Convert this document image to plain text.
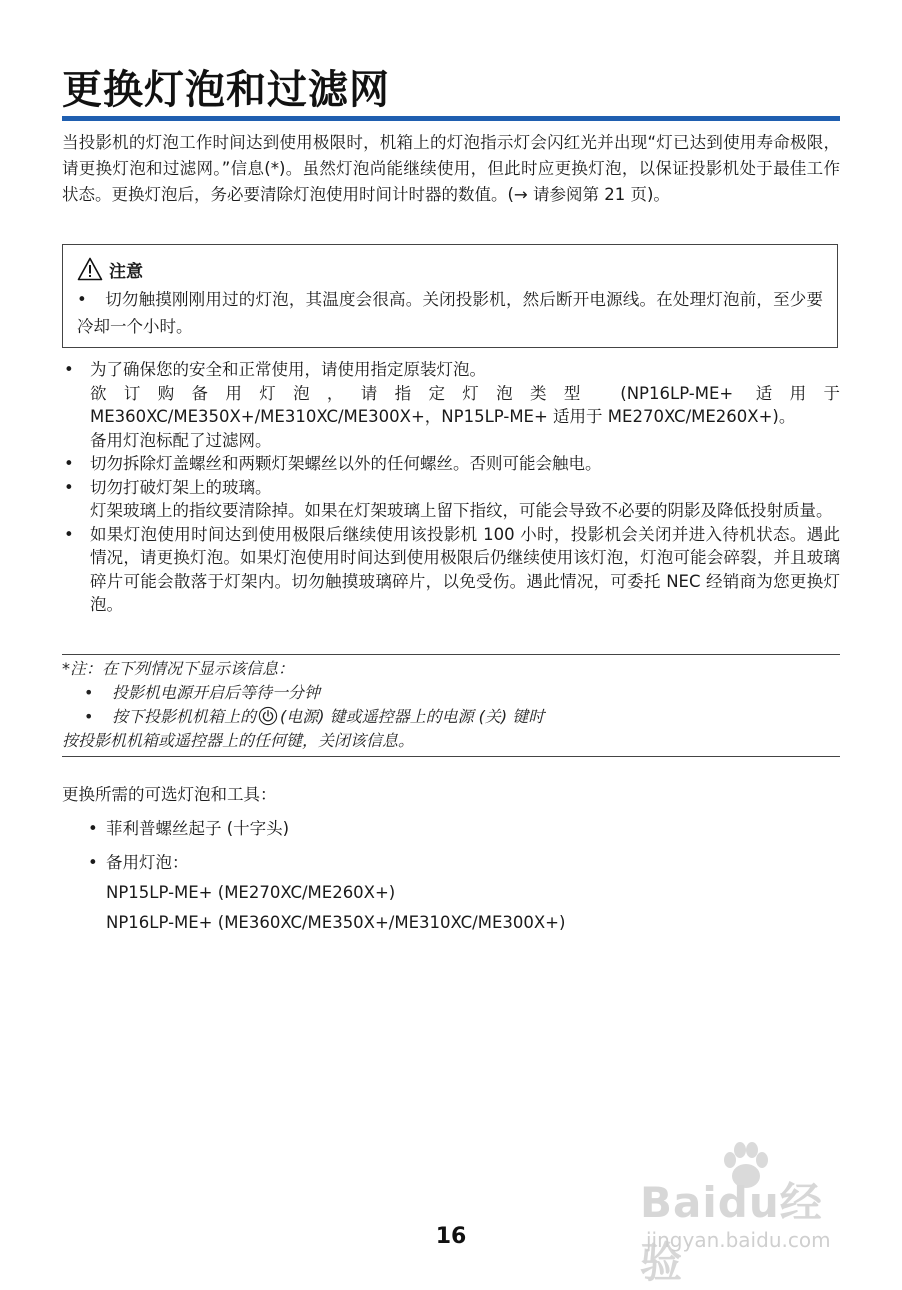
更换灯泡和过滤网

当投影机的灯泡工作时间达到使用极限时，机箱上的灯泡指示灯会闪红光并出现“灯已达到使用寿命极限，请更换灯泡和过滤网。”信息(*)。虽然灯泡尚能继续使用，但此时应更换灯泡，以保证投影机处于最佳工作状态。更换灯泡后，务必要清除灯泡使用时间计时器的数值。(→ 请参阅第 21 页)。

注意
• 切勿触摸刚刚用过的灯泡，其温度会很高。关闭投影机，然后断开电源线。在处理灯泡前，至少要冷却一个小时。
• 为了确保您的安全和正常使用，请使用指定原装灯泡。
欲订购备用灯泡，请指定灯泡类型 (NP16LP-ME+ 适用于 ME360XC/ME350X+/ME310XC/ME300X+，NP15LP-ME+ 适用于 ME270XC/ME260X+)。
备用灯泡标配了过滤网。
• 切勿拆除灯盖螺丝和两颗灯架螺丝以外的任何螺丝。否则可能会触电。
• 切勿打破灯架上的玻璃。
灯架玻璃上的指纹要清除掉。如果在灯架玻璃上留下指纹，可能会导致不必要的阴影及降低投射质量。
• 如果灯泡使用时间达到使用极限后继续使用该投影机 100 小时，投影机会关闭并进入待机状态。遇此情况，请更换灯泡。如果灯泡使用时间达到使用极限后仍继续使用该灯泡，灯泡可能会碎裂，并且玻璃碎片可能会散落于灯架内。切勿触摸玻璃碎片，以免受伤。遇此情况，可委托 NEC 经销商为您更换灯泡。
*注：在下列情况下显示该信息：
• 投影机电源开启后等待一分钟
• 按下投影机机箱上的 (电源) 键或遥控器上的电源 (关) 键时
按投影机机箱或遥控器上的任何键，关闭该信息。
更换所需的可选灯泡和工具：
• 菲利普螺丝起子 (十字头)
• 备用灯泡：
NP15LP-ME+ (ME270XC/ME260X+)
NP16LP-ME+ (ME360XC/ME350X+/ME310XC/ME300X+)
16
Baidu经验
jingyan.baidu.com
